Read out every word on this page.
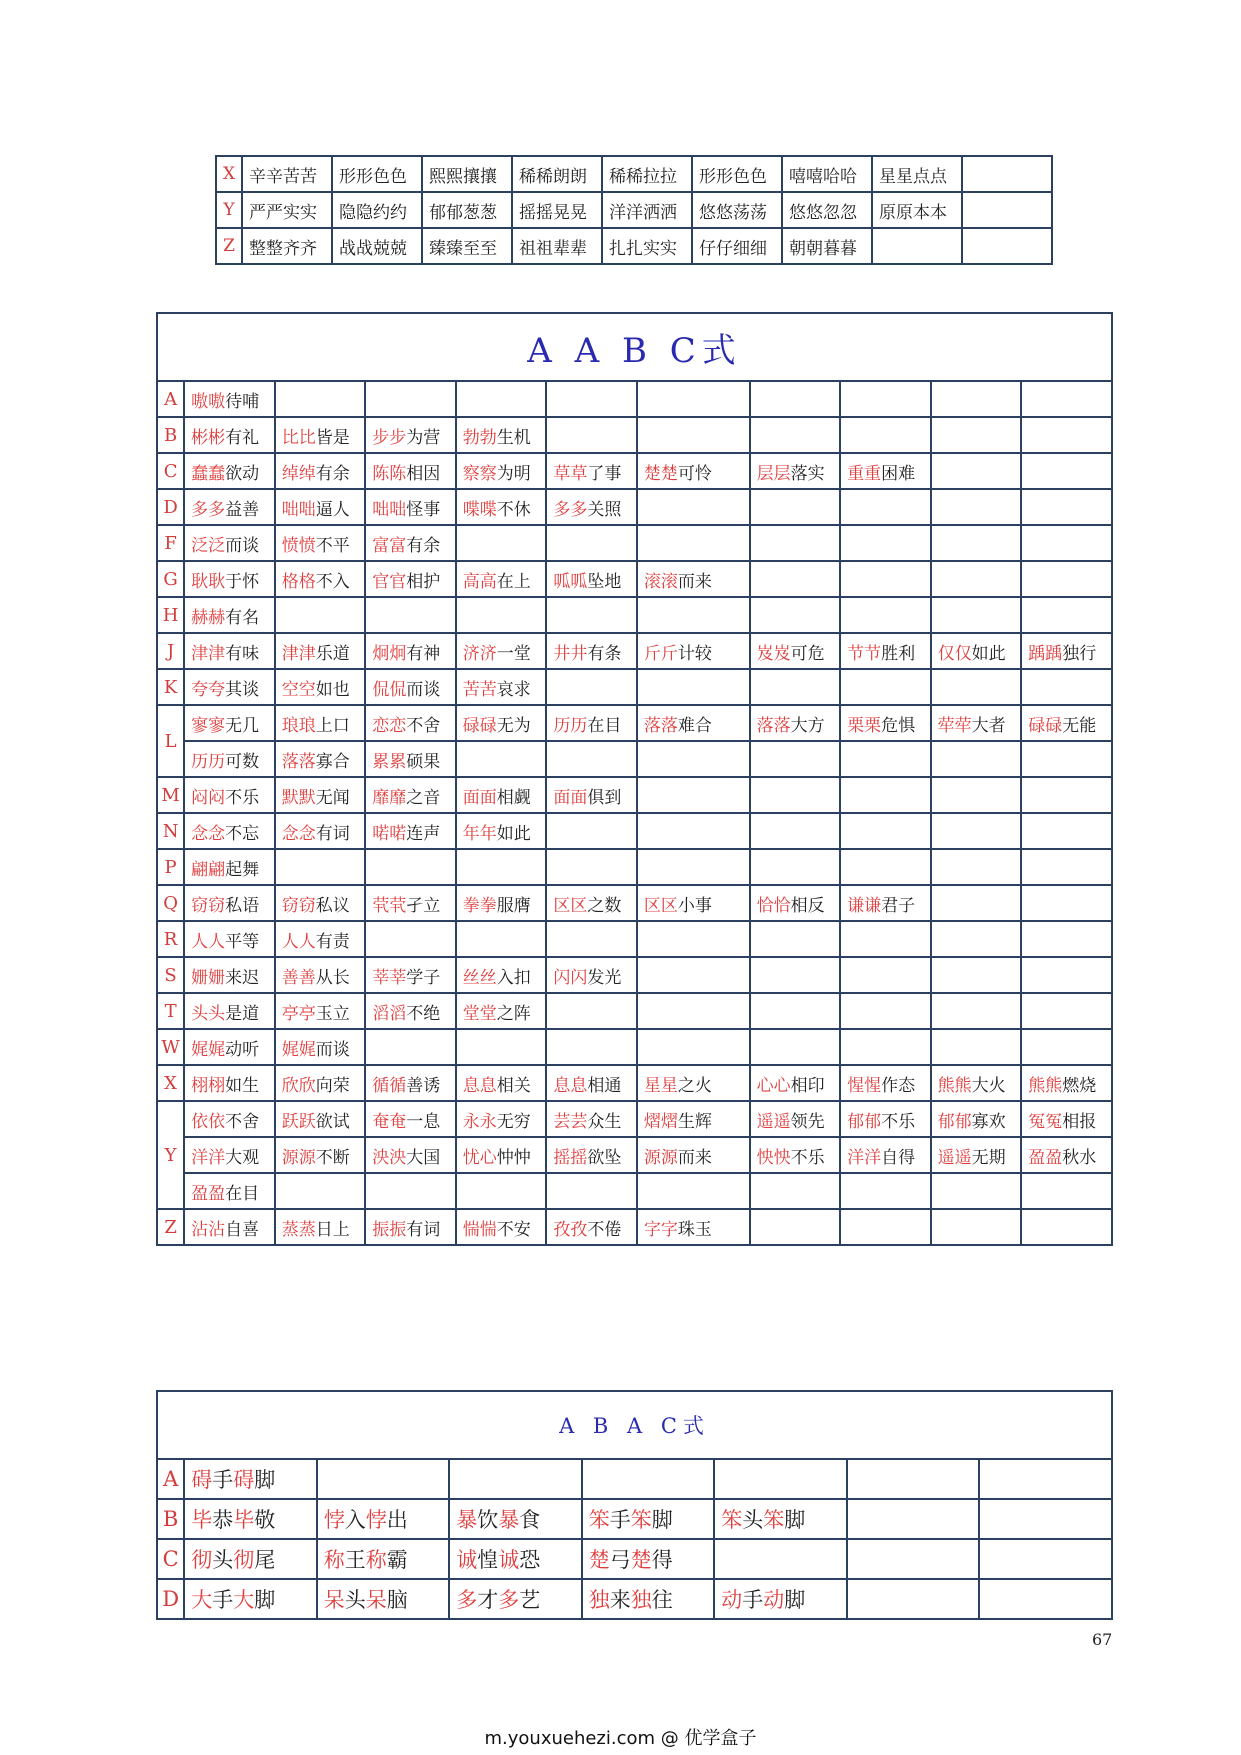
X	辛辛苦苦	形形色色	熙熙攘攘	稀稀朗朗	稀稀拉拉	形形色色	嘻嘻哈哈	星星点点	
Y	严严实实	隐隐约约	郁郁葱葱	摇摇晃晃	洋洋洒洒	悠悠荡荡	悠悠忽忽	原原本本	
Z	整整齐齐	战战兢兢	臻臻至至	祖祖辈辈	扎扎实实	仔仔细细	朝朝暮暮		
A A B C式										
A	嗷嗷待哺									
B	彬彬有礼	比比皆是	步步为营	勃勃生机						
C	蠢蠢欲动	绰绰有余	陈陈相因	察察为明	草草了事	楚楚可怜	层层落实	重重困难		
D	多多益善	咄咄逼人	咄咄怪事	喋喋不休	多多关照					
F	泛泛而谈	愤愤不平	富富有余							
G	耿耿于怀	格格不入	官官相护	高高在上	呱呱坠地	滚滚而来				
H	赫赫有名									
J	津津有味	津津乐道	炯炯有神	济济一堂	井井有条	斤斤计较	岌岌可危	节节胜利	仅仅如此	踽踽独行
K	夸夸其谈	空空如也	侃侃而谈	苦苦哀求						
L	寥寥无几	琅琅上口	恋恋不舍	碌碌无为	历历在目	落落难合	落落大方	栗栗危惧	荦荦大者	碌碌无能
	历历可数	落落寡合	累累硕果							
M	闷闷不乐	默默无闻	靡靡之音	面面相觑	面面俱到					
N	念念不忘	念念有词	喏喏连声	年年如此						
P	翩翩起舞									
Q	窃窃私语	窃窃私议	茕茕孑立	拳拳服膺	区区之数	区区小事	恰恰相反	谦谦君子		
R	人人平等	人人有责								
S	姗姗来迟	善善从长	莘莘学子	丝丝入扣	闪闪发光					
T	头头是道	亭亭玉立	滔滔不绝	堂堂之阵						
W	娓娓动听	娓娓而谈								
X	栩栩如生	欣欣向荣	循循善诱	息息相关	息息相通	星星之火	心心相印	惺惺作态	熊熊大火	熊熊燃烧
Y	依依不舍	跃跃欲试	奄奄一息	永永无穷	芸芸众生	熠熠生辉	遥遥领先	郁郁不乐	郁郁寡欢	冤冤相报
	洋洋大观	源源不断	泱泱大国	忧心忡忡	摇摇欲坠	源源而来	怏怏不乐	洋洋自得	遥遥无期	盈盈秋水
	盈盈在目									
Z	沾沾自喜	蒸蒸日上	振振有词	惴惴不安	孜孜不倦	字字珠玉				
A B A C式							
A	碍手碍脚						
B	毕恭毕敬	悖入悖出	暴饮暴食	笨手笨脚	笨头笨脚		
C	彻头彻尾	称王称霸	诚惶诚恐	楚弓楚得			
D	大手大脚	呆头呆脑	多才多艺	独来独往	动手动脚		
67
m.youxuehezi.com @ 优学盒子
